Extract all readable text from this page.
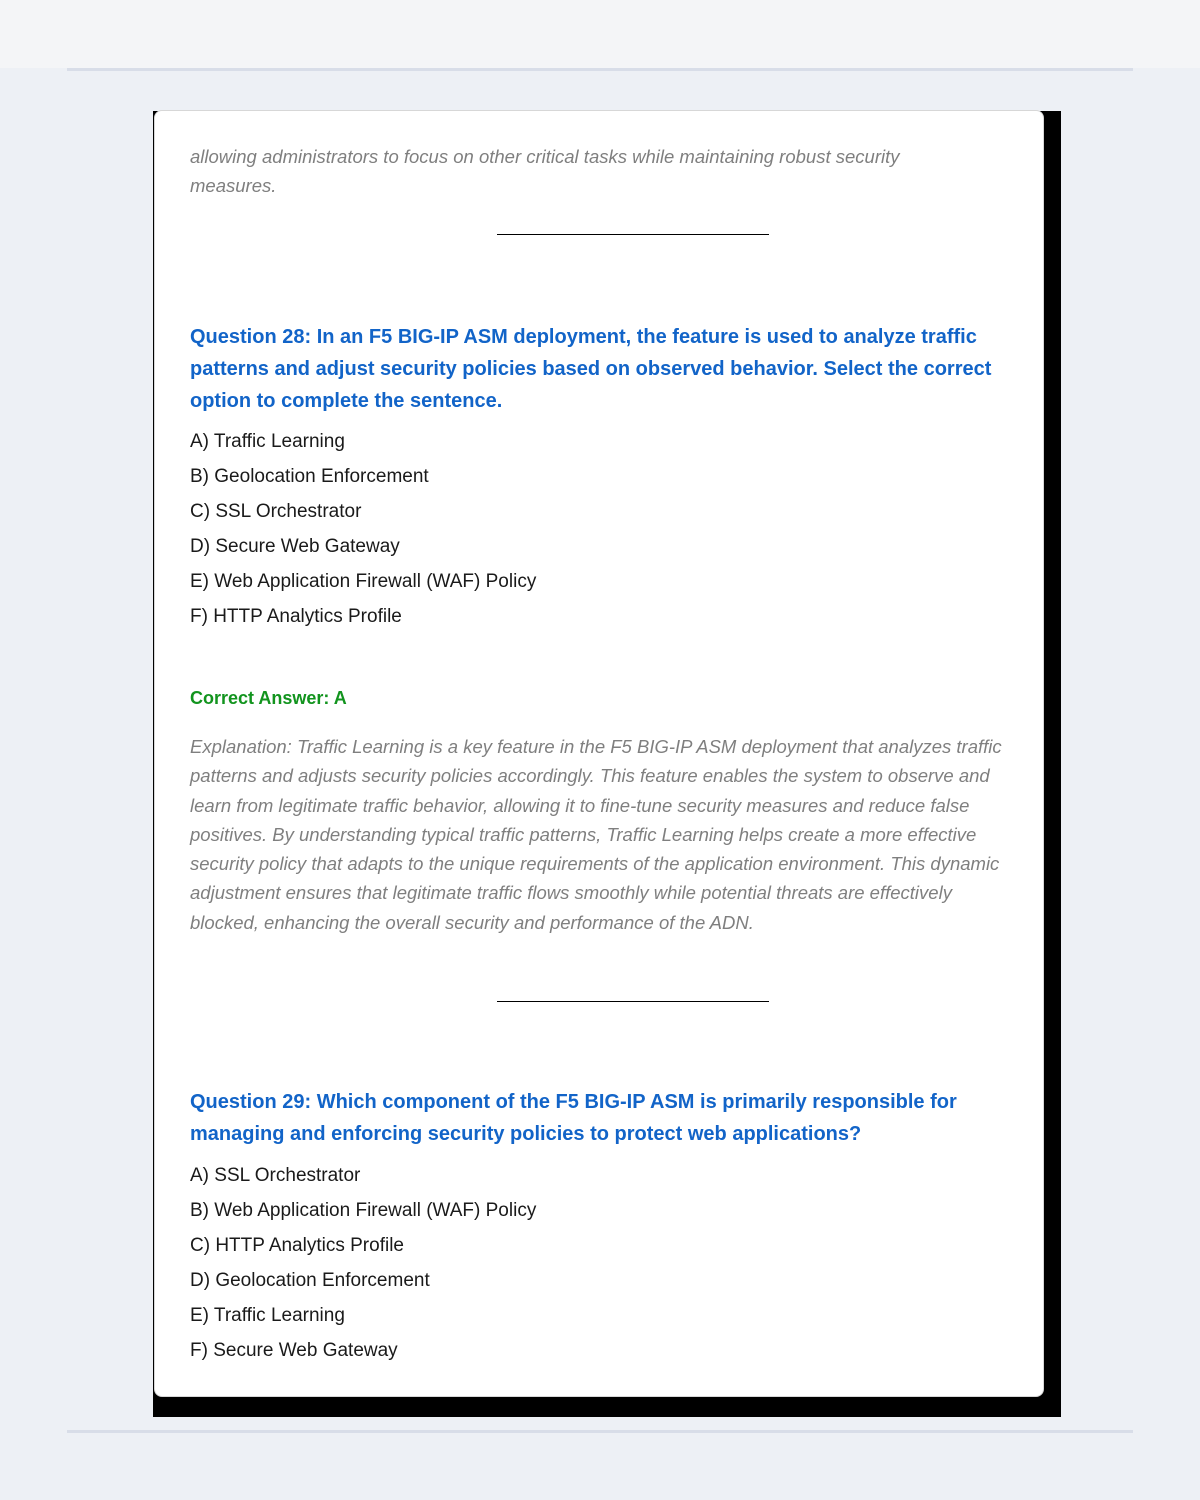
allowing administrators to focus on other critical tasks while maintaining robust security measures.

Question 28: In an F5 BIG-IP ASM deployment, the feature is used to analyze traffic patterns and adjust security policies based on observed behavior. Select the correct option to complete the sentence.

A) Traffic Learning
B) Geolocation Enforcement
C) SSL Orchestrator
D) Secure Web Gateway
E) Web Application Firewall (WAF) Policy
F) HTTP Analytics Profile

Correct Answer: A

Explanation: Traffic Learning is a key feature in the F5 BIG-IP ASM deployment that analyzes traffic patterns and adjusts security policies accordingly. This feature enables the system to observe and learn from legitimate traffic behavior, allowing it to fine-tune security measures and reduce false positives. By understanding typical traffic patterns, Traffic Learning helps create a more effective security policy that adapts to the unique requirements of the application environment. This dynamic adjustment ensures that legitimate traffic flows smoothly while potential threats are effectively blocked, enhancing the overall security and performance of the ADN.

Question 29: Which component of the F5 BIG-IP ASM is primarily responsible for managing and enforcing security policies to protect web applications?

A) SSL Orchestrator
B) Web Application Firewall (WAF) Policy
C) HTTP Analytics Profile
D) Geolocation Enforcement
E) Traffic Learning
F) Secure Web Gateway
